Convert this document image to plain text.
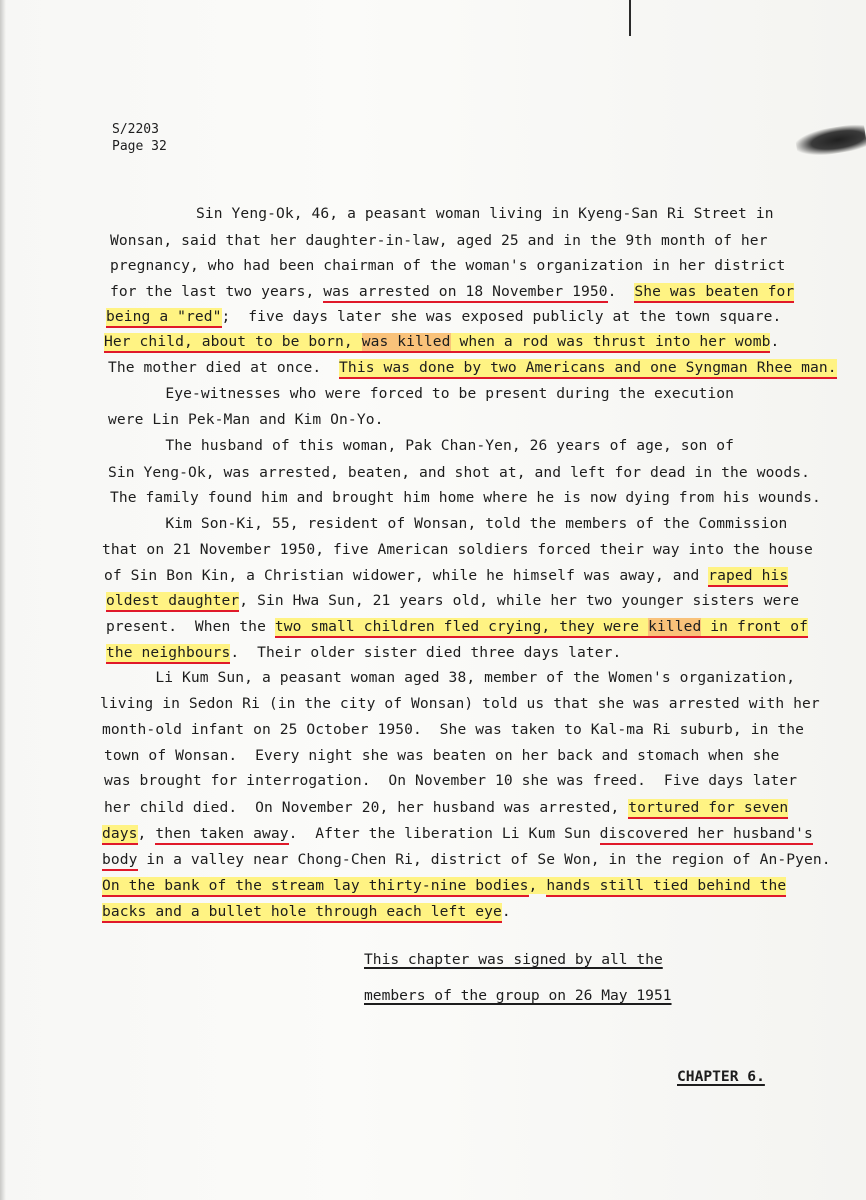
S/2203
Page 32
Sin Yeng-Ok, 46, a peasant woman living in Kyeng-San Ri Street in
Wonsan, said that her daughter-in-law, aged 25 and in the 9th month of her
pregnancy, who had been chairman of the woman's organization in her district
for the last two years, was arrested on 18 November 1950.  She was beaten for
being a "red";  five days later she was exposed publicly at the town square.
Her child, about to be born, was killed when a rod was thrust into her womb.
The mother died at once.  This was done by two Americans and one Syngman Rhee man.
Eye-witnesses who were forced to be present during the execution
were Lin Pek-Man and Kim On-Yo.
The husband of this woman, Pak Chan-Yen, 26 years of age, son of
Sin Yeng-Ok, was arrested, beaten, and shot at, and left for dead in the woods.
The family found him and brought him home where he is now dying from his wounds.
Kim Son-Ki, 55, resident of Wonsan, told the members of the Commission
that on 21 November 1950, five American soldiers forced their way into the house
of Sin Bon Kin, a Christian widower, while he himself was away, and raped his
oldest daughter, Sin Hwa Sun, 21 years old, while her two younger sisters were
present.  When the two small children fled crying, they were killed in front of
the neighbours.  Their older sister died three days later.
Li Kum Sun, a peasant woman aged 38, member of the Women's organization,
living in Sedon Ri (in the city of Wonsan) told us that she was arrested with her
month-old infant on 25 October 1950.  She was taken to Kal-ma Ri suburb, in the
town of Wonsan.  Every night she was beaten on her back and stomach when she
was brought for interrogation.  On November 10 she was freed.  Five days later
her child died.  On November 20, her husband was arrested, tortured for seven
days, then taken away.  After the liberation Li Kum Sun discovered her husband's
body in a valley near Chong-Chen Ri, district of Se Won, in the region of An-Pyen.
On the bank of the stream lay thirty-nine bodies, hands still tied behind the
backs and a bullet hole through each left eye.
This chapter was signed by all the
members of the group on 26 May 1951
CHAPTER 6.
